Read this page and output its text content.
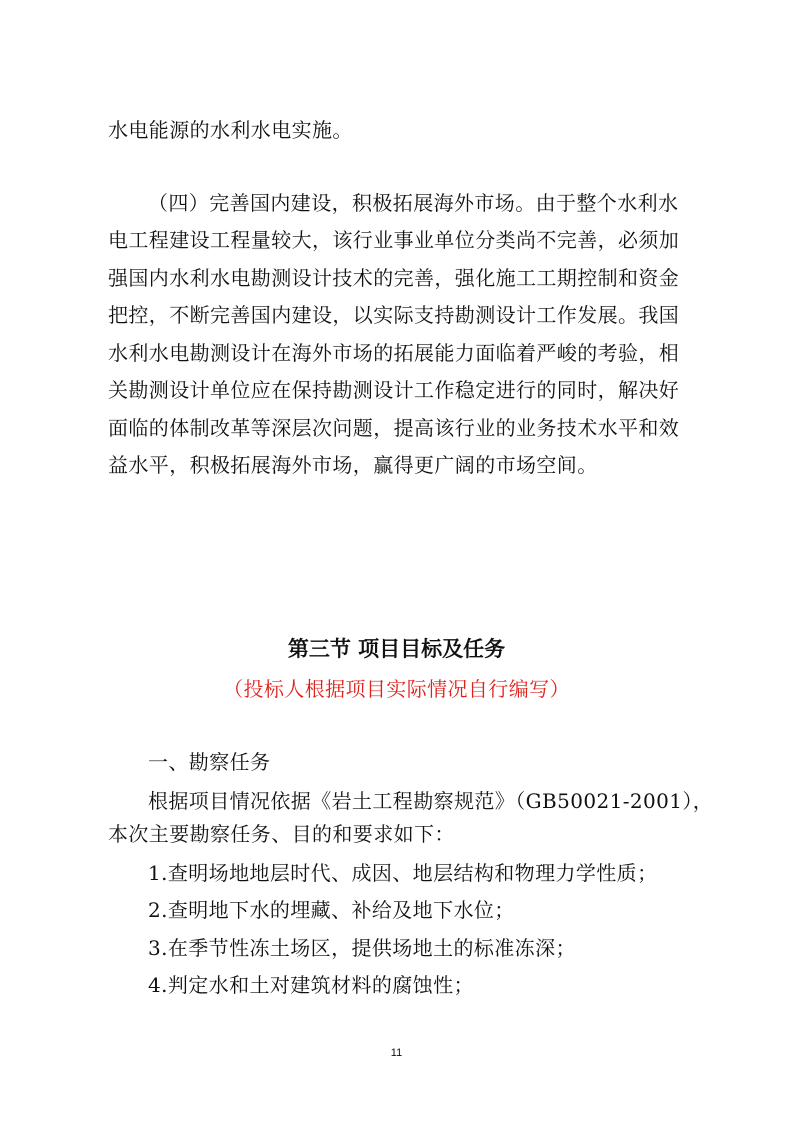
水电能源的水利水电实施。
（四）完善国内建设，积极拓展海外市场。由于整个水利水
电工程建设工程量较大，该行业事业单位分类尚不完善，必须加
强国内水利水电勘测设计技术的完善，强化施工工期控制和资金
把控，不断完善国内建设，以实际支持勘测设计工作发展。我国
水利水电勘测设计在海外市场的拓展能力面临着严峻的考验，相
关勘测设计单位应在保持勘测设计工作稳定进行的同时，解决好
面临的体制改革等深层次问题，提高该行业的业务技术水平和效
益水平，积极拓展海外市场，赢得更广阔的市场空间。
第三节 项目目标及任务
（投标人根据项目实际情况自行编写）
一、勘察任务
根据项目情况依据《岩土工程勘察规范》（GB50021-2001），
本次主要勘察任务、目的和要求如下：
1.查明场地地层时代、成因、地层结构和物理力学性质；
2.查明地下水的埋藏、补给及地下水位；
3.在季节性冻土场区，提供场地土的标准冻深；
4.判定水和土对建筑材料的腐蚀性；
11
